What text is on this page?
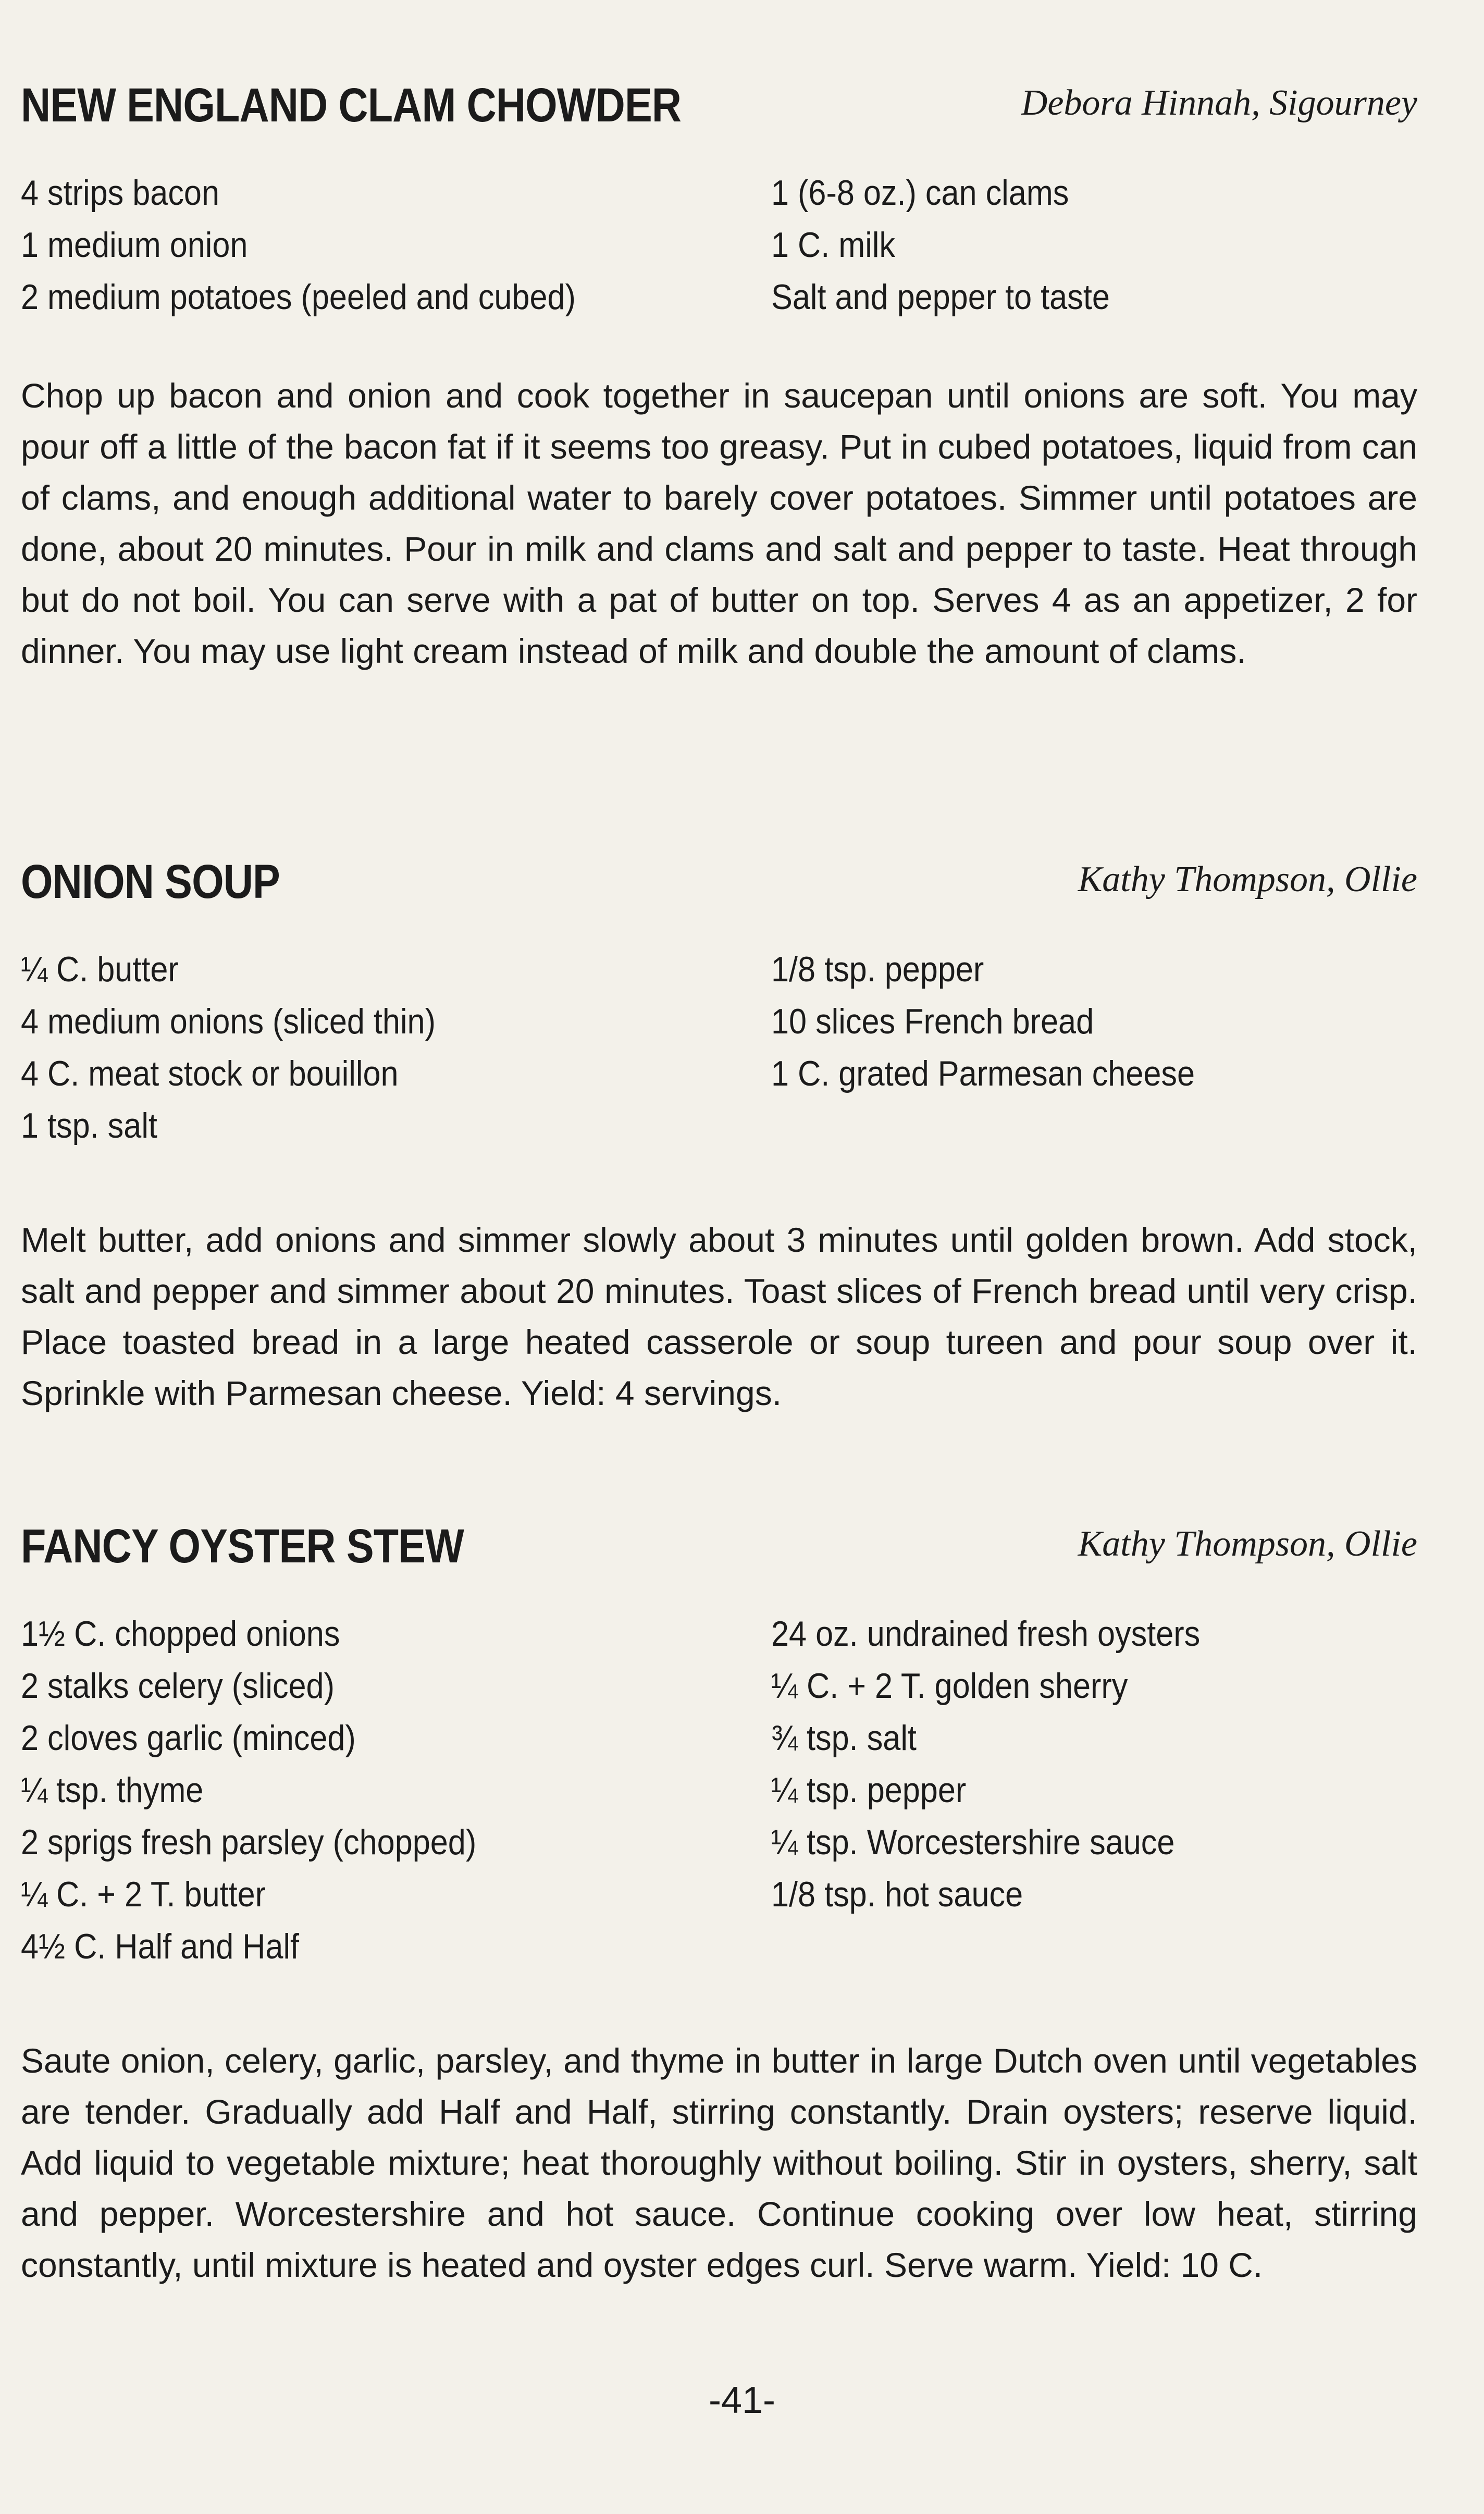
NEW ENGLAND CLAM CHOWDER	Debora Hinnah, Sigourney
4 strips bacon
1 medium onion
2 medium potatoes (peeled and cubed)
1 (6-8 oz.) can clams
1 C. milk
Salt and pepper to taste

Chop up bacon and onion and cook together in saucepan until onions are soft. You may pour off a little of the bacon fat if it seems too greasy. Put in cubed potatoes, liquid from can of clams, and enough additional water to barely cover potatoes. Simmer until potatoes are done, about 20 minutes. Pour in milk and clams and salt and pepper to taste. Heat through but do not boil. You can serve with a pat of butter on top. Serves 4 as an appetizer, 2 for dinner. You may use light cream instead of milk and double the amount of clams.

ONION SOUP	Kathy Thompson, Ollie
¼ C. butter
4 medium onions (sliced thin)
4 C. meat stock or bouillon
1 tsp. salt
1/8 tsp. pepper
10 slices French bread
1 C. grated Parmesan cheese

Melt butter, add onions and simmer slowly about 3 minutes until golden brown. Add stock, salt and pepper and simmer about 20 minutes. Toast slices of French bread until very crisp. Place toasted bread in a large heated casserole or soup tureen and pour soup over it. Sprinkle with Parmesan cheese. Yield: 4 servings.

FANCY OYSTER STEW	Kathy Thompson, Ollie
1½ C. chopped onions
2 stalks celery (sliced)
2 cloves garlic (minced)
¼ tsp. thyme
2 sprigs fresh parsley (chopped)
¼ C. + 2 T. butter
4½ C. Half and Half
24 oz. undrained fresh oysters
¼ C. + 2 T. golden sherry
¾ tsp. salt
¼ tsp. pepper
¼ tsp. Worcestershire sauce
1/8 tsp. hot sauce

Saute onion, celery, garlic, parsley, and thyme in butter in large Dutch oven until vegetables are tender. Gradually add Half and Half, stirring constantly. Drain oysters; reserve liquid. Add liquid to vegetable mixture; heat thoroughly without boiling. Stir in oysters, sherry, salt and pepper. Worcestershire and hot sauce. Continue cooking over low heat, stirring constantly, until mixture is heated and oyster edges curl. Serve warm. Yield: 10 C.

-41-
